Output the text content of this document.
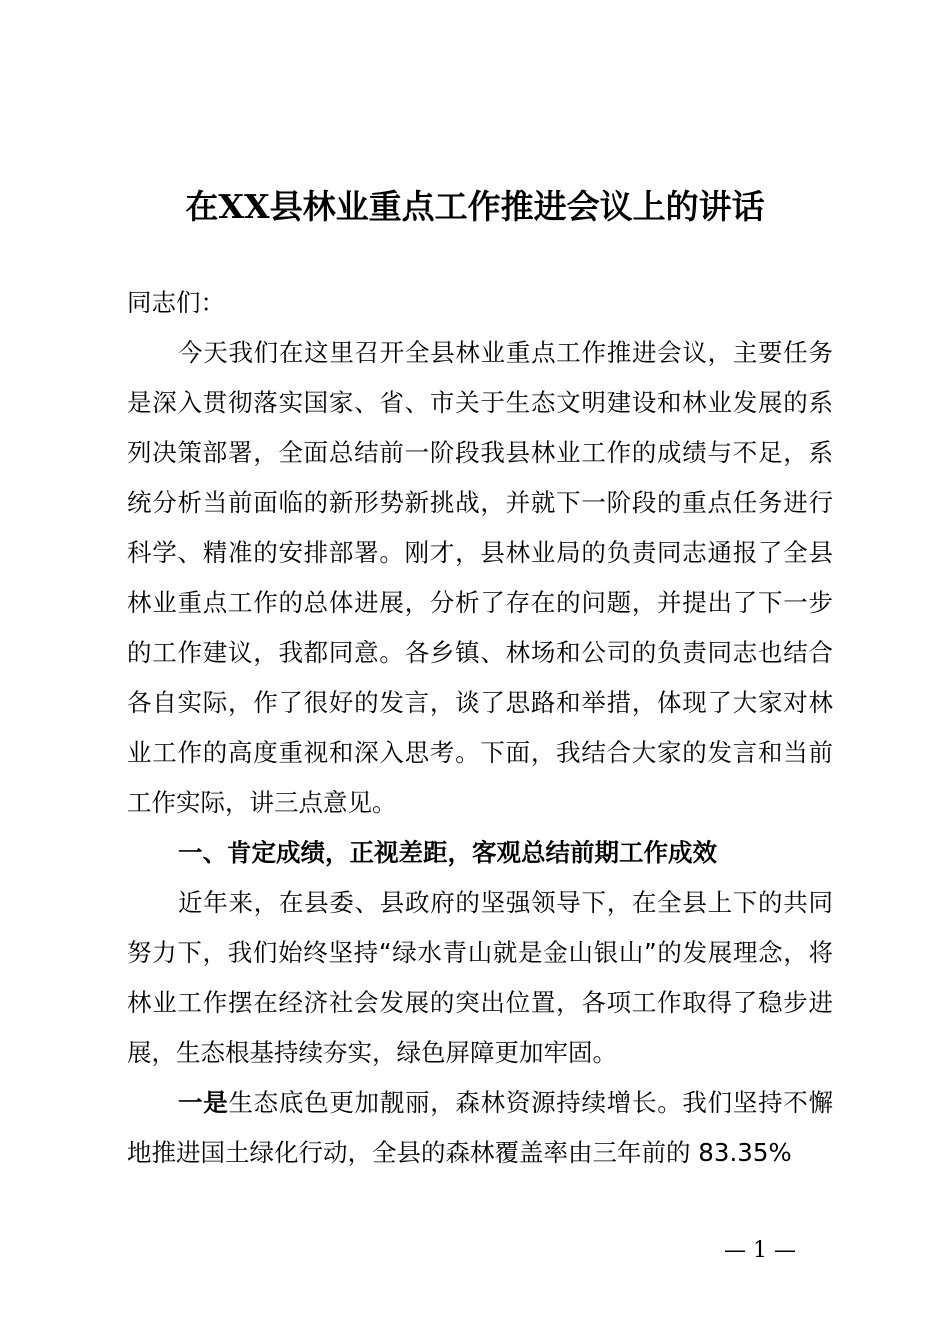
在XX县林业重点工作推进会议上的讲话

同志们：

今天我们在这里召开全县林业重点工作推进会议，主要任务是深入贯彻落实国家、省、市关于生态文明建设和林业发展的系列决策部署，全面总结前一阶段我县林业工作的成绩与不足，系统分析当前面临的新形势新挑战，并就下一阶段的重点任务进行科学、精准的安排部署。刚才，县林业局的负责同志通报了全县林业重点工作的总体进展，分析了存在的问题，并提出了下一步的工作建议，我都同意。各乡镇、林场和公司的负责同志也结合各自实际，作了很好的发言，谈了思路和举措，体现了大家对林业工作的高度重视和深入思考。下面，我结合大家的发言和当前工作实际，讲三点意见。

一、肯定成绩，正视差距，客观总结前期工作成效

近年来，在县委、县政府的坚强领导下，在全县上下的共同努力下，我们始终坚持“绿水青山就是金山银山”的发展理念，将林业工作摆在经济社会发展的突出位置，各项工作取得了稳步进展，生态根基持续夯实，绿色屏障更加牢固。

一是生态底色更加靓丽，森林资源持续增长。我们坚持不懈地推进国土绿化行动，全县的森林覆盖率由三年前的 83.35%

— 1 —
